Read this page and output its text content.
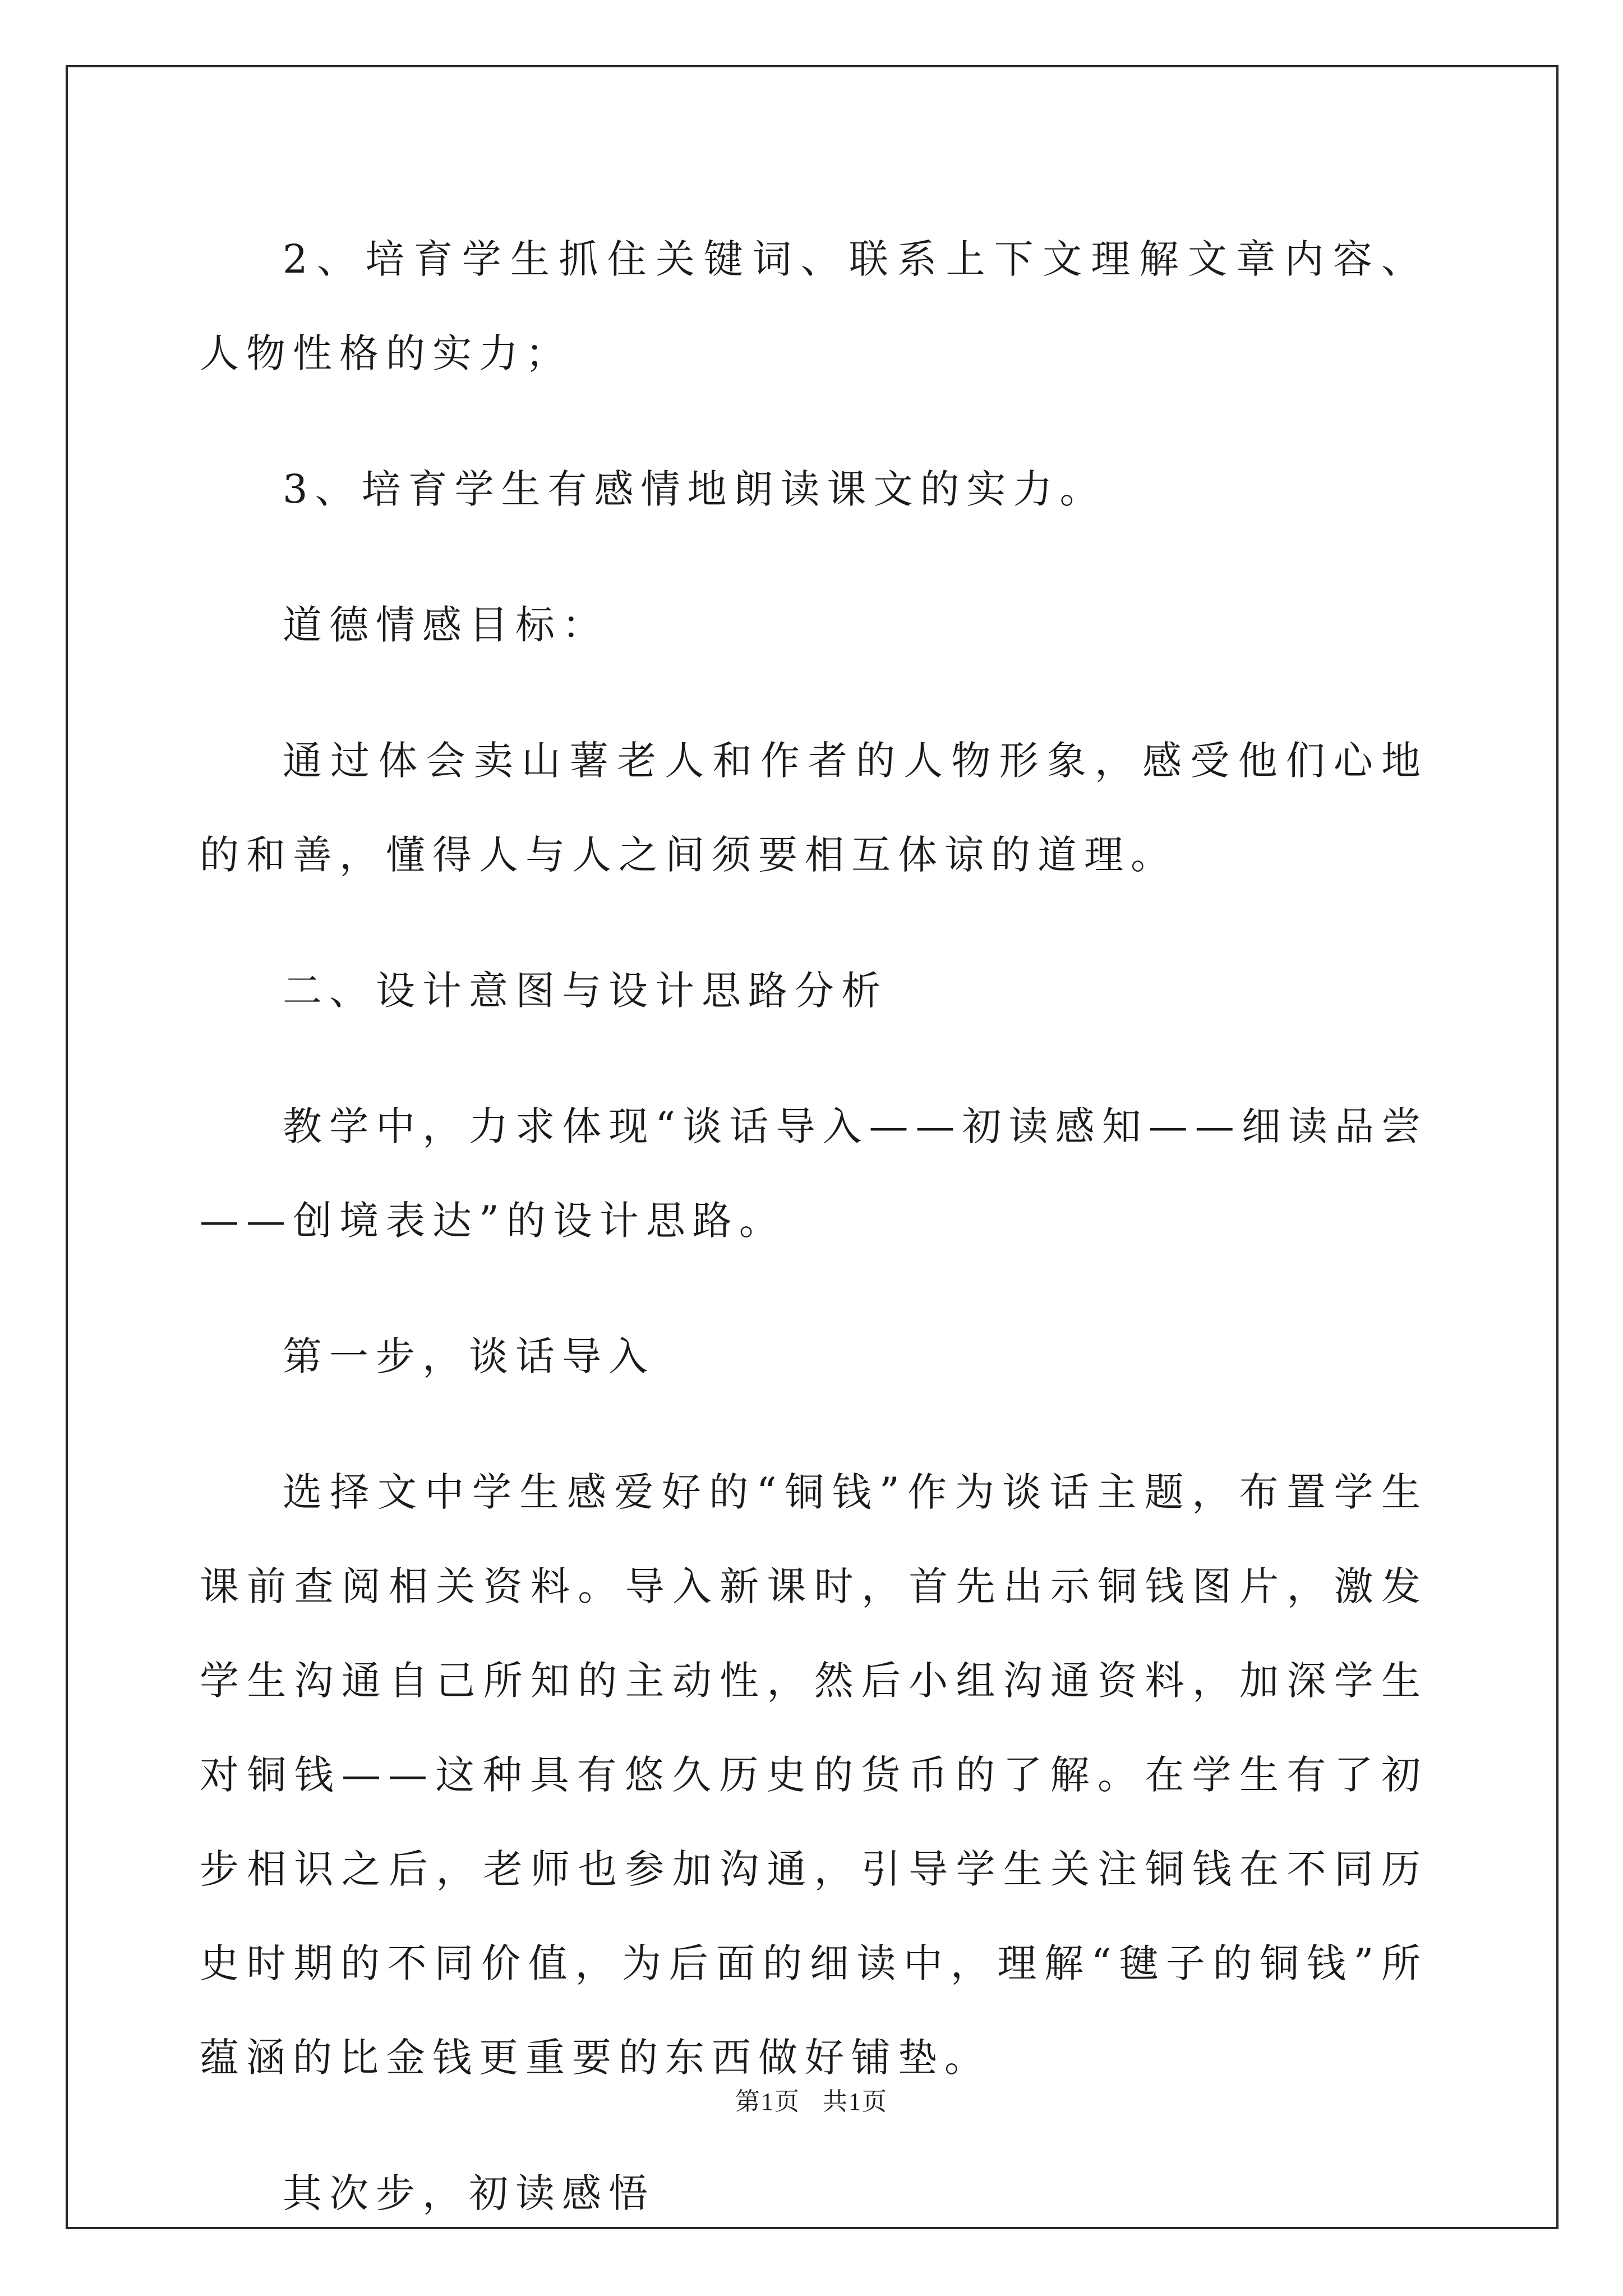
2、培育学生抓住关键词、联系上下文理解文章内容、人物性格的实力；

3、培育学生有感情地朗读课文的实力。

道德情感目标：

通过体会卖山薯老人和作者的人物形象，感受他们心地的和善，懂得人与人之间须要相互体谅的道理。

二、设计意图与设计思路分析

教学中，力求体现“谈话导入——初读感知——细读品尝——创境表达”的设计思路。

第一步，谈话导入

选择文中学生感爱好的“铜钱”作为谈话主题，布置学生课前查阅相关资料。导入新课时，首先出示铜钱图片，激发学生沟通自己所知的主动性，然后小组沟通资料，加深学生对铜钱——这种具有悠久历史的货币的了解。在学生有了初步相识之后，老师也参加沟通，引导学生关注铜钱在不同历史时期的不同价值，为后面的细读中，理解“毽子的铜钱”所蕴涵的比金钱更重要的东西做好铺垫。

其次步，初读感悟

第1页 共1页
